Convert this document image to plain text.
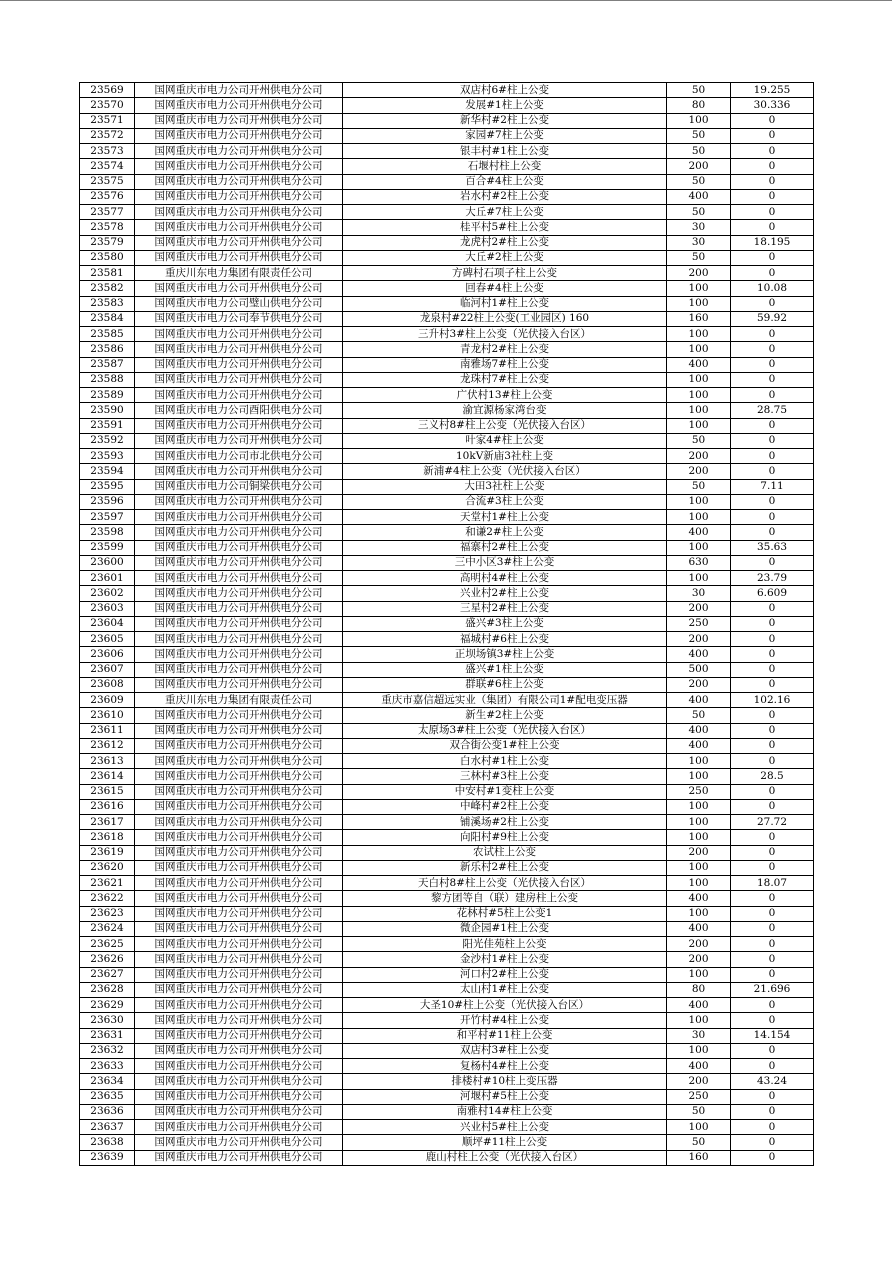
23569	国网重庆市电力公司开州供电分公司	双店村6#柱上公变	50	19.255
23570	国网重庆市电力公司开州供电分公司	发展#1柱上公变	80	30.336
23571	国网重庆市电力公司开州供电分公司	新华村#2柱上公变	100	0
23572	国网重庆市电力公司开州供电分公司	家园#7柱上公变	50	0
23573	国网重庆市电力公司开州供电分公司	银丰村#1柱上公变	50	0
23574	国网重庆市电力公司开州供电分公司	石堰村柱上公变	200	0
23575	国网重庆市电力公司开州供电分公司	百合#4柱上公变	50	0
23576	国网重庆市电力公司开州供电分公司	岩水村#2柱上公变	400	0
23577	国网重庆市电力公司开州供电分公司	大丘#7柱上公变	50	0
23578	国网重庆市电力公司开州供电分公司	桂平村5#柱上公变	30	0
23579	国网重庆市电力公司开州供电分公司	龙虎村2#柱上公变	30	18.195
23580	国网重庆市电力公司开州供电分公司	大丘#2柱上公变	50	0
23581	重庆川东电力集团有限责任公司	方碑村石项子柱上公变	200	0
23582	国网重庆市电力公司开州供电分公司	回春#4柱上公变	100	10.08
23583	国网重庆市电力公司璧山供电分公司	临河村1#柱上公变	100	0
23584	国网重庆市电力公司奉节供电分公司	龙泉村#22柱上公变(工业园区) 160	160	59.92
23585	国网重庆市电力公司开州供电分公司	三升村3#柱上公变（光伏接入台区）	100	0
23586	国网重庆市电力公司开州供电分公司	青龙村2#柱上公变	100	0
23587	国网重庆市电力公司开州供电分公司	南雅场7#柱上公变	400	0
23588	国网重庆市电力公司开州供电分公司	龙珠村7#柱上公变	100	0
23589	国网重庆市电力公司开州供电分公司	广伏村13#柱上公变	100	0
23590	国网重庆市电力公司酉阳供电分公司	渝宜源杨家湾台变	100	28.75
23591	国网重庆市电力公司开州供电分公司	三义村8#柱上公变（光伏接入台区）	100	0
23592	国网重庆市电力公司开州供电分公司	叶家4#柱上公变	50	0
23593	国网重庆市电力公司市北供电分公司	10kV新庙3社柱上变	200	0
23594	国网重庆市电力公司开州供电分公司	新浦#4柱上公变（光伏接入台区）	200	0
23595	国网重庆市电力公司铜梁供电分公司	大田3社柱上公变	50	7.11
23596	国网重庆市电力公司开州供电分公司	合流#3柱上公变	100	0
23597	国网重庆市电力公司开州供电分公司	天堂村1#柱上公变	100	0
23598	国网重庆市电力公司开州供电分公司	和谦2#柱上公变	400	0
23599	国网重庆市电力公司开州供电分公司	福寨村2#柱上公变	100	35.63
23600	国网重庆市电力公司开州供电分公司	三中小区3#柱上公变	630	0
23601	国网重庆市电力公司开州供电分公司	高明村4#柱上公变	100	23.79
23602	国网重庆市电力公司开州供电分公司	兴业村2#柱上公变	30	6.609
23603	国网重庆市电力公司开州供电分公司	三星村2#柱上公变	200	0
23604	国网重庆市电力公司开州供电分公司	盛兴#3柱上公变	250	0
23605	国网重庆市电力公司开州供电分公司	福城村#6柱上公变	200	0
23606	国网重庆市电力公司开州供电分公司	正坝场镇3#柱上公变	400	0
23607	国网重庆市电力公司开州供电分公司	盛兴#1柱上公变	500	0
23608	国网重庆市电力公司开州供电分公司	群联#6柱上公变	200	0
23609	重庆川东电力集团有限责任公司	重庆市嘉信超远实业（集团）有限公司1#配电变压器	400	102.16
23610	国网重庆市电力公司开州供电分公司	新生#2柱上公变	50	0
23611	国网重庆市电力公司开州供电分公司	太原场3#柱上公变（光伏接入台区）	400	0
23612	国网重庆市电力公司开州供电分公司	双合街公变1#柱上公变	400	0
23613	国网重庆市电力公司开州供电分公司	白水村#1柱上公变	100	0
23614	国网重庆市电力公司开州供电分公司	三林村#3柱上公变	100	28.5
23615	国网重庆市电力公司开州供电分公司	中安村#1变柱上公变	250	0
23616	国网重庆市电力公司开州供电分公司	中峰村#2柱上公变	100	0
23617	国网重庆市电力公司开州供电分公司	铺溪场#2柱上公变	100	27.72
23618	国网重庆市电力公司开州供电分公司	向阳村#9柱上公变	100	0
23619	国网重庆市电力公司开州供电分公司	农试柱上公变	200	0
23620	国网重庆市电力公司开州供电分公司	新乐村2#柱上公变	100	0
23621	国网重庆市电力公司开州供电分公司	天白村8#柱上公变（光伏接入台区）	100	18.07
23622	国网重庆市电力公司开州供电分公司	黎方团等自（联）建房柱上公变	400	0
23623	国网重庆市电力公司开州供电分公司	花林村#5柱上公变1	100	0
23624	国网重庆市电力公司开州供电分公司	微企园#1柱上公变	400	0
23625	国网重庆市电力公司开州供电分公司	阳光佳苑柱上公变	200	0
23626	国网重庆市电力公司开州供电分公司	金沙村1#柱上公变	200	0
23627	国网重庆市电力公司开州供电分公司	河口村2#柱上公变	100	0
23628	国网重庆市电力公司开州供电分公司	太山村1#柱上公变	80	21.696
23629	国网重庆市电力公司开州供电分公司	大圣10#柱上公变（光伏接入台区）	400	0
23630	国网重庆市电力公司开州供电分公司	开竹村#4柱上公变	100	0
23631	国网重庆市电力公司开州供电分公司	和平村#11柱上公变	30	14.154
23632	国网重庆市电力公司开州供电分公司	双店村3#柱上公变	100	0
23633	国网重庆市电力公司开州供电分公司	复杨村4#柱上公变	400	0
23634	国网重庆市电力公司开州供电分公司	排楼村#10柱上变压器	200	43.24
23635	国网重庆市电力公司开州供电分公司	河堰村#5柱上公变	250	0
23636	国网重庆市电力公司开州供电分公司	南雅村14#柱上公变	50	0
23637	国网重庆市电力公司开州供电分公司	兴业村5#柱上公变	100	0
23638	国网重庆市电力公司开州供电分公司	顺坪#11柱上公变	50	0
23639	国网重庆市电力公司开州供电分公司	鹿山村柱上公变（光伏接入台区）	160	0
